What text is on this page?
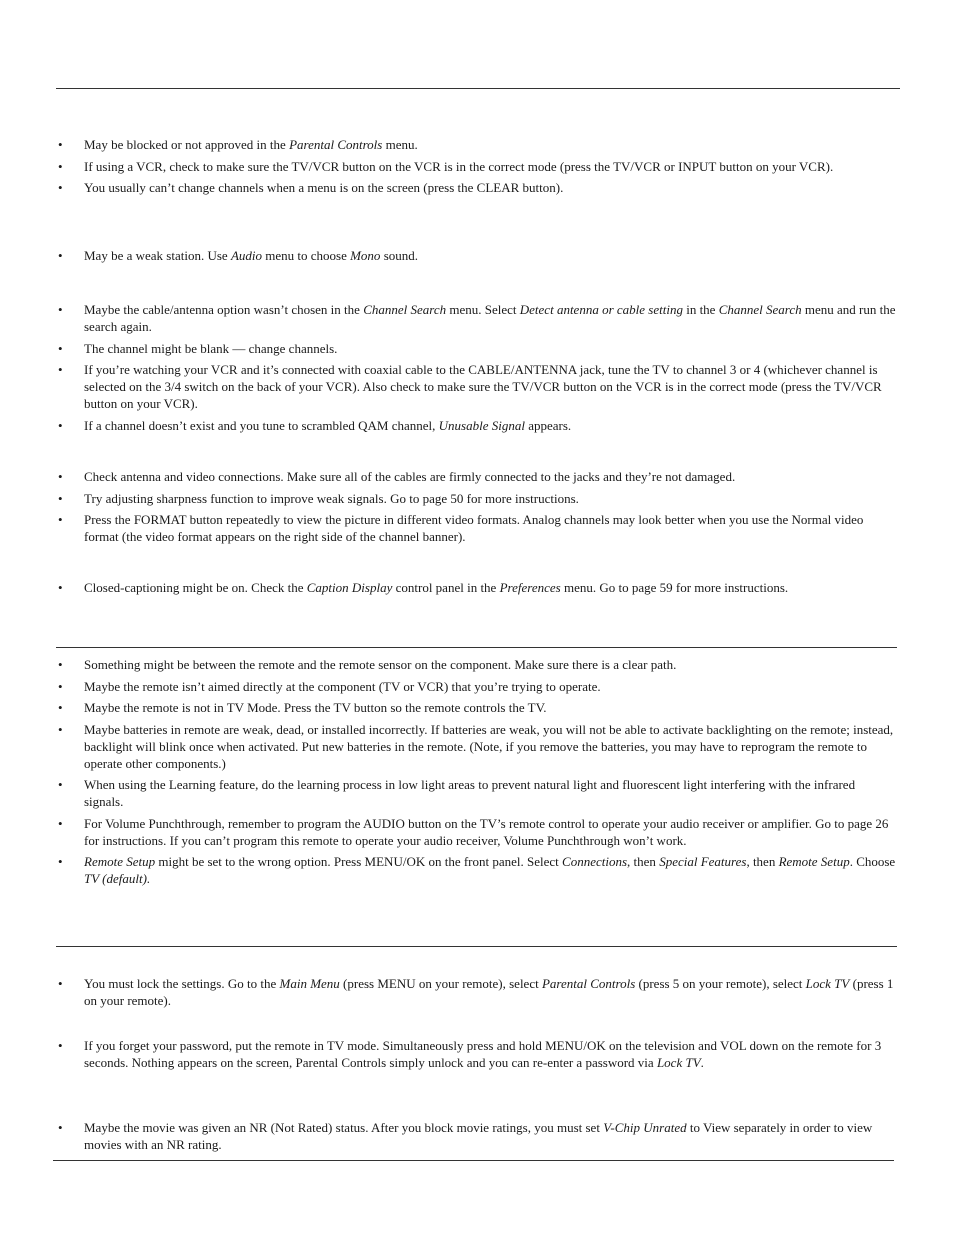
• May be blocked or not approved in the Parental Controls menu.
• If using a VCR, check to make sure the TV/VCR button on the VCR is in the correct mode (press the TV/VCR or INPUT button on your VCR).
• You usually can’t change channels when a menu is on the screen (press the CLEAR button).
• May be a weak station. Use Audio menu to choose Mono sound.
• Maybe the cable/antenna option wasn’t chosen in the Channel Search menu. Select Detect antenna or cable setting in the Channel Search menu and run the search again.
• The channel might be blank — change channels.
• If you’re watching your VCR and it’s connected with coaxial cable to the CABLE/ANTENNA jack, tune the TV to channel 3 or 4 (whichever channel is selected on the 3/4 switch on the back of your VCR). Also check to make sure the TV/VCR button on the VCR is in the correct mode (press the TV/VCR button on your VCR).
• If a channel doesn’t exist and you tune to scrambled QAM channel, Unusable Signal appears.
• Check antenna and video connections. Make sure all of the cables are firmly connected to the jacks and they’re not damaged.
• Try adjusting sharpness function to improve weak signals. Go to page 50 for more instructions.
• Press the FORMAT button repeatedly to view the picture in different video formats. Analog channels may look better when you use the Normal video format (the video format appears on the right side of the channel banner).
• Closed-captioning might be on. Check the Caption Display control panel in the Preferences menu. Go to page 59 for more instructions.
• Something might be between the remote and the remote sensor on the component. Make sure there is a clear path.
• Maybe the remote isn’t aimed directly at the component (TV or VCR) that you’re trying to operate.
• Maybe the remote is not in TV Mode. Press the TV button so the remote controls the TV.
• Maybe batteries in remote are weak, dead, or installed incorrectly. If batteries are weak, you will not be able to activate backlighting on the remote; instead, backlight will blink once when activated. Put new batteries in the remote. (Note, if you remove the batteries, you may have to reprogram the remote to operate other components.)
• When using the Learning feature, do the learning process in low light areas to prevent natural light and fluorescent light interfering with the infrared signals.
• For Volume Punchthrough, remember to program the AUDIO button on the TV’s remote control to operate your audio receiver or amplifier. Go to page 26 for instructions. If you can’t program this remote to operate your audio receiver, Volume Punchthrough won’t work.
• Remote Setup might be set to the wrong option. Press MENU/OK on the front panel. Select Connections, then Special Features, then Remote Setup. Choose TV (default).
• You must lock the settings. Go to the Main Menu (press MENU on your remote), select Parental Controls (press 5 on your remote), select Lock TV (press 1 on your remote).
• If you forget your password, put the remote in TV mode. Simultaneously press and hold MENU/OK on the television and VOL down on the remote for 3 seconds. Nothing appears on the screen, Parental Controls simply unlock and you can re-enter a password via Lock TV.
• Maybe the movie was given an NR (Not Rated) status. After you block movie ratings, you must set V-Chip Unrated to View separately in order to view movies with an NR rating.
